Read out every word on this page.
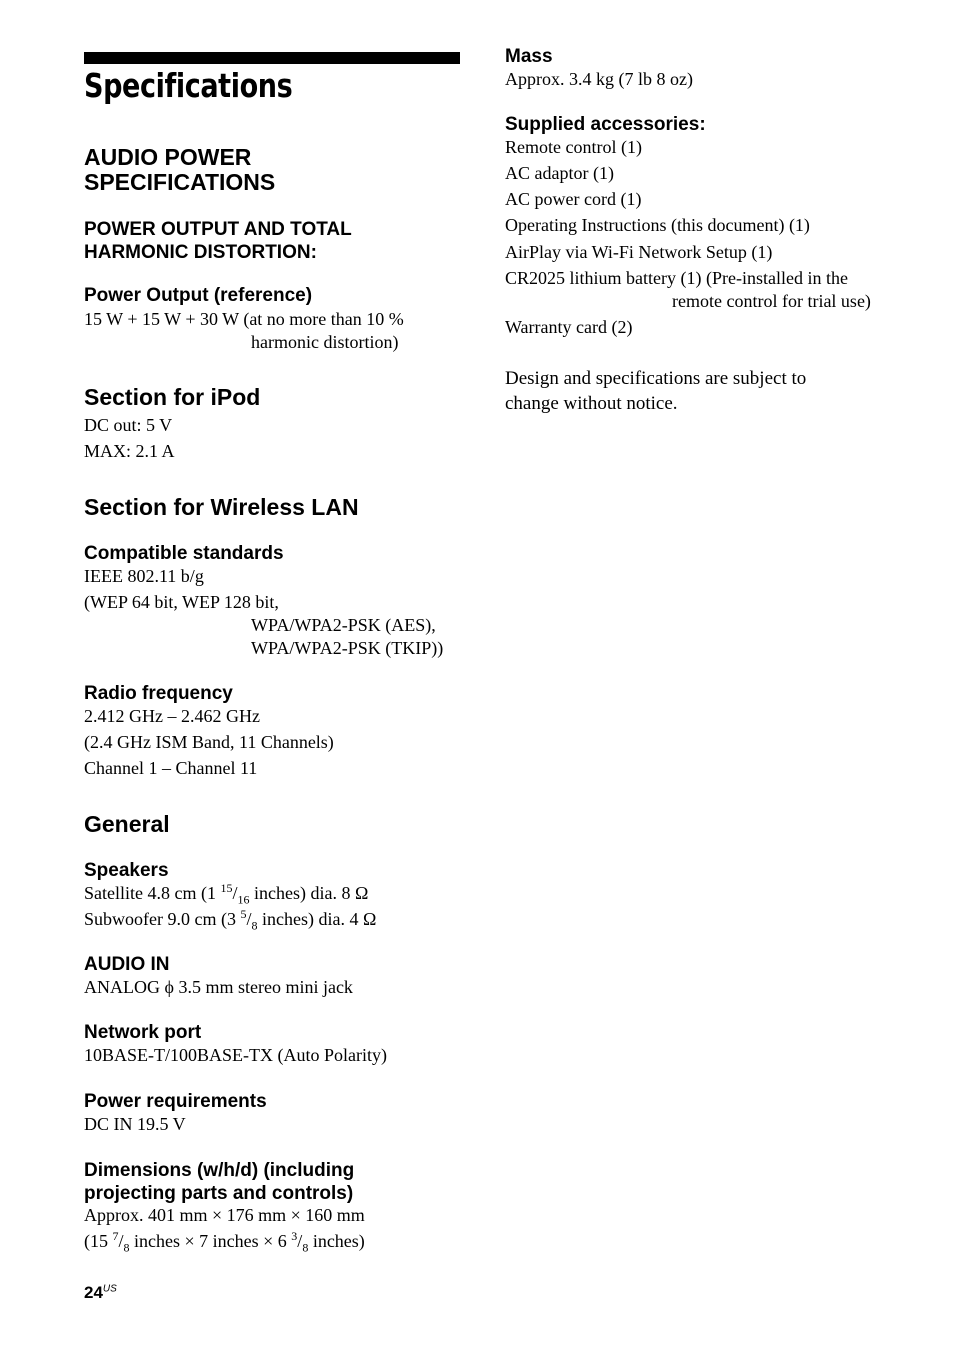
Specifications
AUDIO POWER
SPECIFICATIONS
POWER OUTPUT AND TOTAL
HARMONIC DISTORTION:
Power Output (reference)
15 W + 15 W + 30 W (at no more than 10 %
harmonic distortion)
Section for iPod
DC out: 5 V
MAX: 2.1 A
Section for Wireless LAN
Compatible standards
IEEE 802.11 b/g
(WEP 64 bit, WEP 128 bit,
WPA/WPA2-PSK (AES),
WPA/WPA2-PSK (TKIP))
Radio frequency
2.412 GHz – 2.462 GHz
(2.4 GHz ISM Band, 11 Channels)
Channel 1 – Channel 11
General
Speakers
Satellite 4.8 cm (1 $^{15}/_{16}$ inches) dia. 8 Ω
Subwoofer 9.0 cm (3 $^5/_8$ inches) dia. 4 Ω
AUDIO IN
ANALOG ϕ 3.5 mm stereo mini jack
Network port
10BASE-T/100BASE-TX (Auto Polarity)
Power requirements
DC IN 19.5 V
Dimensions (w/h/d) (including
projecting parts and controls)
Approx. 401 mm × 176 mm × 160 mm
(15 $^7/_8$ inches × 7 inches × 6 $^3/_8$ inches)
$24^{US}$
Mass
Approx. 3.4 kg (7 lb 8 oz)
Supplied accessories:
Remote control (1)
AC adaptor (1)
AC power cord (1)
Operating Instructions (this document) (1)
AirPlay via Wi-Fi Network Setup (1)
CR2025 lithium battery (1) (Pre-installed in the
remote control for trial use)
Warranty card (2)
Design and specifications are subject to
change without notice.
